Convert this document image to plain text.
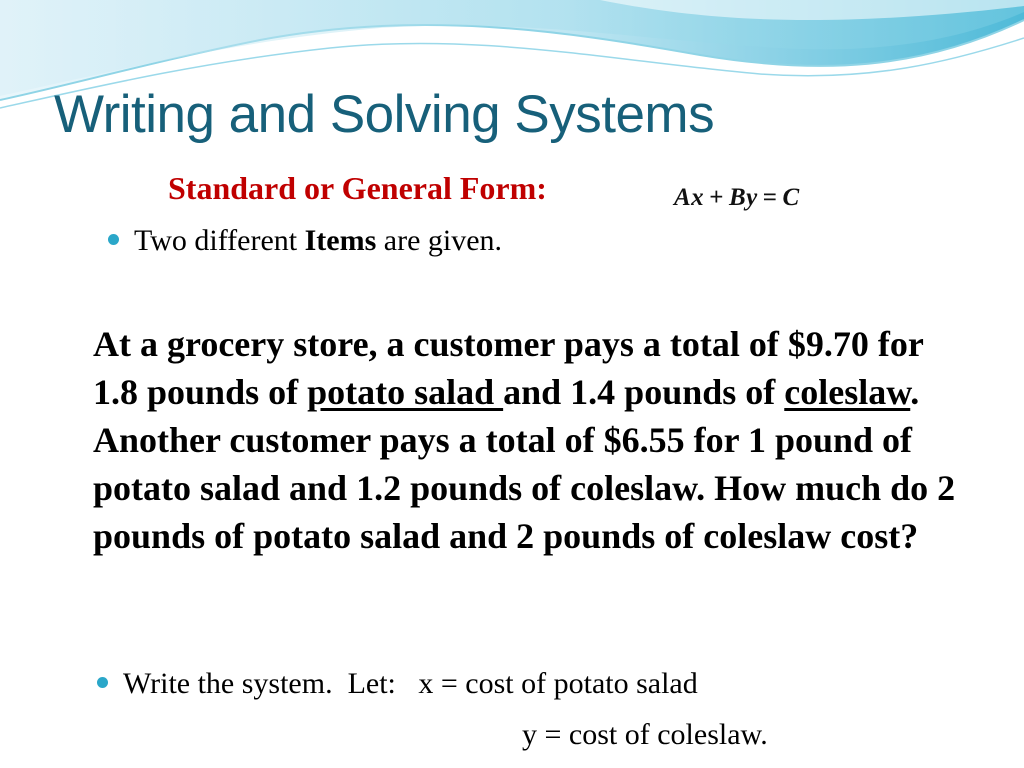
Writing and Solving Systems
Standard or General Form:	Ax + By = C
Two different Items are given.

At a grocery store, a customer pays a total of $9.70 for 1.8 pounds of potato salad and 1.4 pounds of coleslaw. Another customer pays a total of $6.55 for 1 pound of potato salad and 1.2 pounds of coleslaw. How much do 2 pounds of potato salad and 2 pounds of coleslaw cost?

Write the system.  Let:   x = cost of potato salad
y = cost of coleslaw.
